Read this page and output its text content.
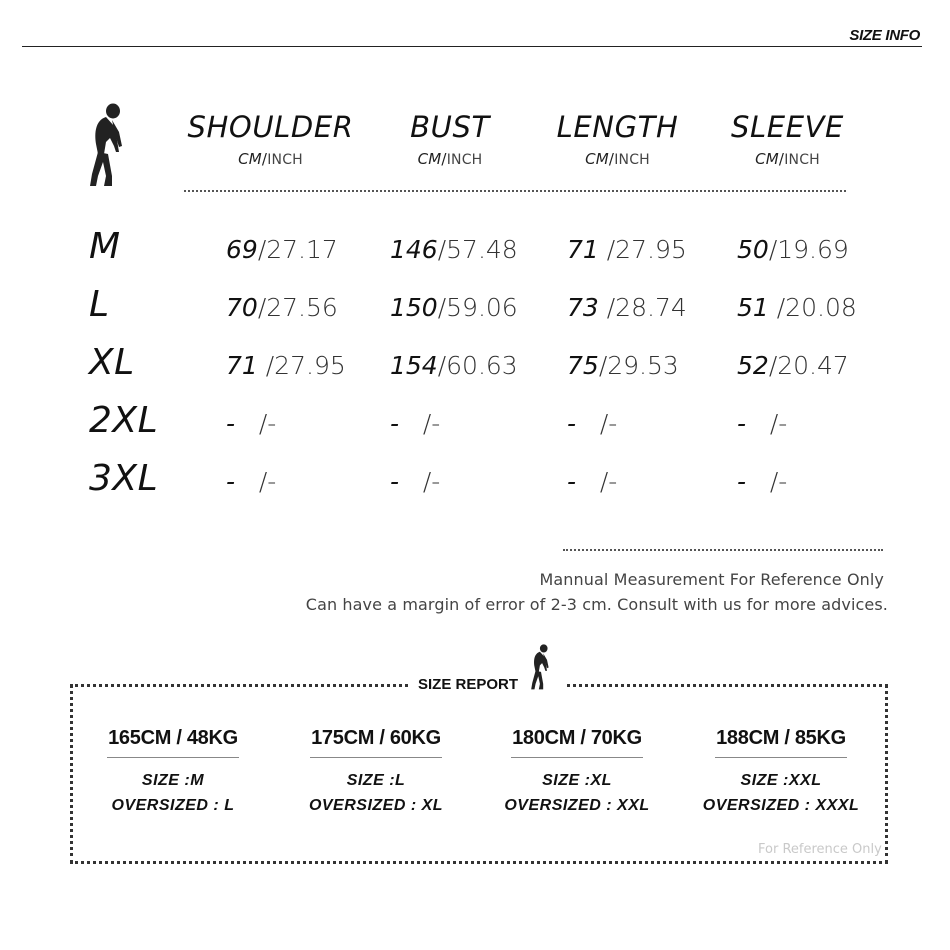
SIZE INFO
SHOULDER
CM/INCH
BUST
CM/INCH
LENGTH
CM/INCH
SLEEVE
CM/INCH
M	69/27.17 146/57.48 71 /27.95 50/19.69
L	70/27.56 150/59.06 73 /28.74 51 /20.08
XL	71 /27.95 154/60.63 75/29.53 52/20.47
2XL	-   /-	-   /-	-   /-	-   /-
3XL	-   /-	-   /-	-   /-	-   /-
Mannual Measurement For Reference Only
Can have a margin of error of 2-3 cm. Consult with us for more advices.
SIZE REPORT
165CM / 48KG
SIZE :M
OVERSIZED : L
175CM / 60KG
SIZE :L
OVERSIZED : XL
180CM / 70KG
SIZE :XL
OVERSIZED : XXL
188CM / 85KG
SIZE :XXL
OVERSIZED : XXXL
For Reference Only
